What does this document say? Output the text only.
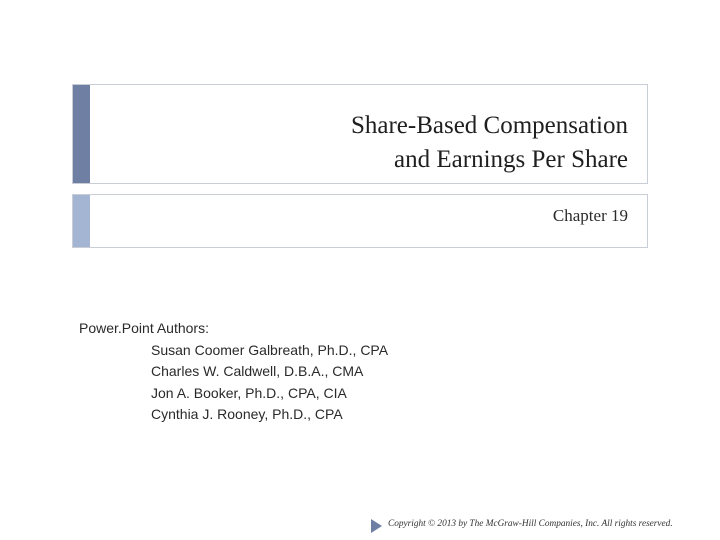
Share-Based Compensation
and Earnings Per Share
Chapter 19
Power.Point Authors:
Susan Coomer Galbreath, Ph.D., CPA
Charles W. Caldwell, D.B.A., CMA
Jon A. Booker, Ph.D., CPA, CIA
Cynthia J. Rooney, Ph.D., CPA
Copyright © 2013 by The McGraw-Hill Companies, Inc. All rights reserved.
